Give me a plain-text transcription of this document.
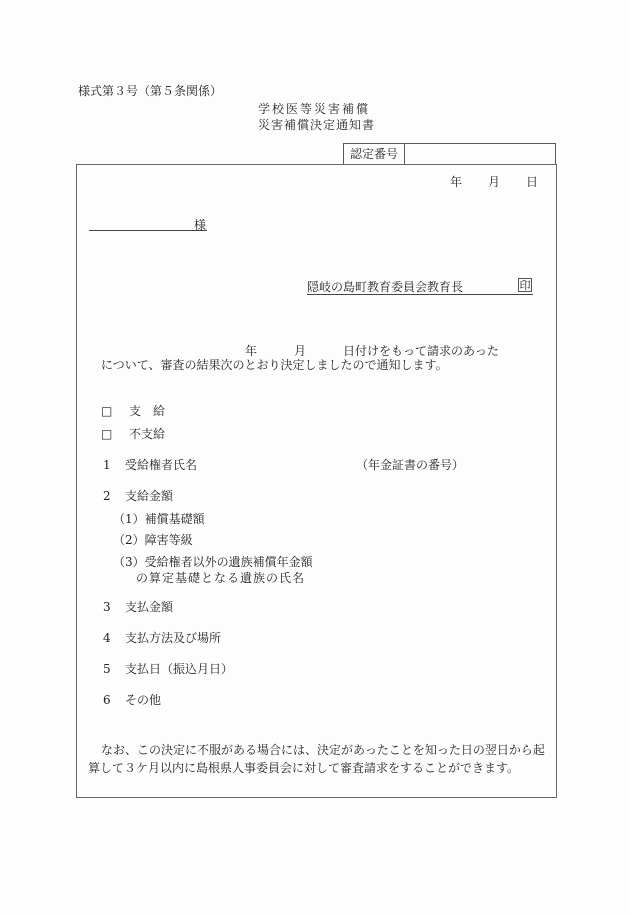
様式第３号（第５条関係）
学校医等災害補償
災害補償決定通知書
認定番号
年 月 日
様
隠岐の島町教育委員会教育長	印
年	月	日付けをもって請求のあった
について、審査の結果次のとおり決定しましたので通知します。
□ 支　給
□ 不支給
1 受給権者氏名	（年金証書の番号）
2 支給金額
（1）補償基礎額
（2）障害等級
（3）受給権者以外の遺族補償年金額
の算定基礎となる遺族の氏名
3 支払金額
4 支払方法及び場所
5 支払日（振込月日）
6 その他
なお、この決定に不服がある場合には、決定があったことを知った日の翌日から起
算して３ケ月以内に島根県人事委員会に対して審査請求をすることができます。
